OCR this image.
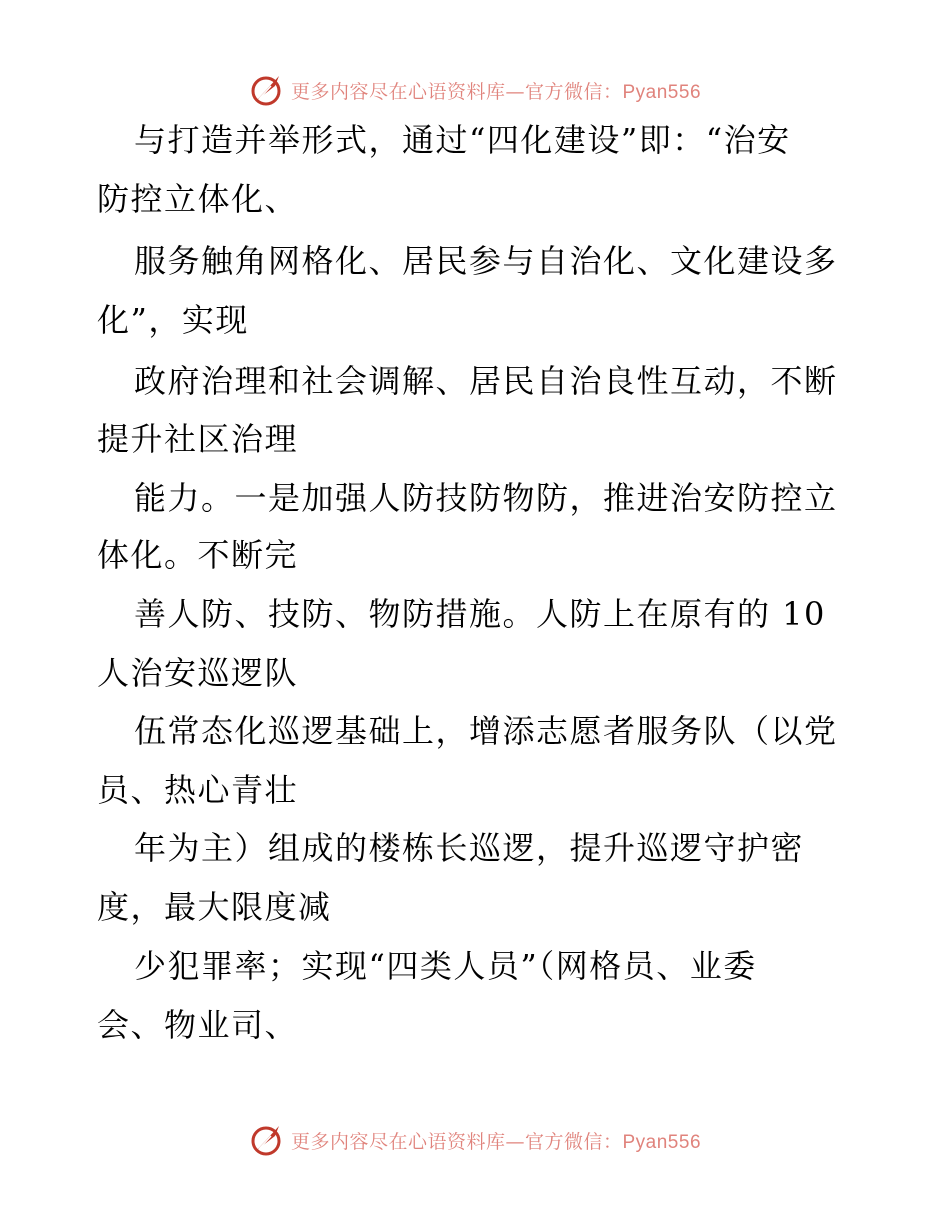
更多内容尽在心语资料库—官方微信：Pyan556
与打造并举形式，通过“四化建设”即：“治安
防控立体化、
服务触角网格化、居民参与自治化、文化建设多
化”，实现
政府治理和社会调解、居民自治良性互动，不断
提升社区治理
能力。一是加强人防技防物防，推进治安防控立
体化。不断完
善人防、技防、物防措施。人防上在原有的 10
人治安巡逻队
伍常态化巡逻基础上，增添志愿者服务队（以党
员、热心青壮
年为主）组成的楼栋长巡逻，提升巡逻守护密
度，最大限度减
少犯罪率；实现“四类人员”（网格员、业委
会、物业司、
更多内容尽在心语资料库—官方微信：Pyan556
